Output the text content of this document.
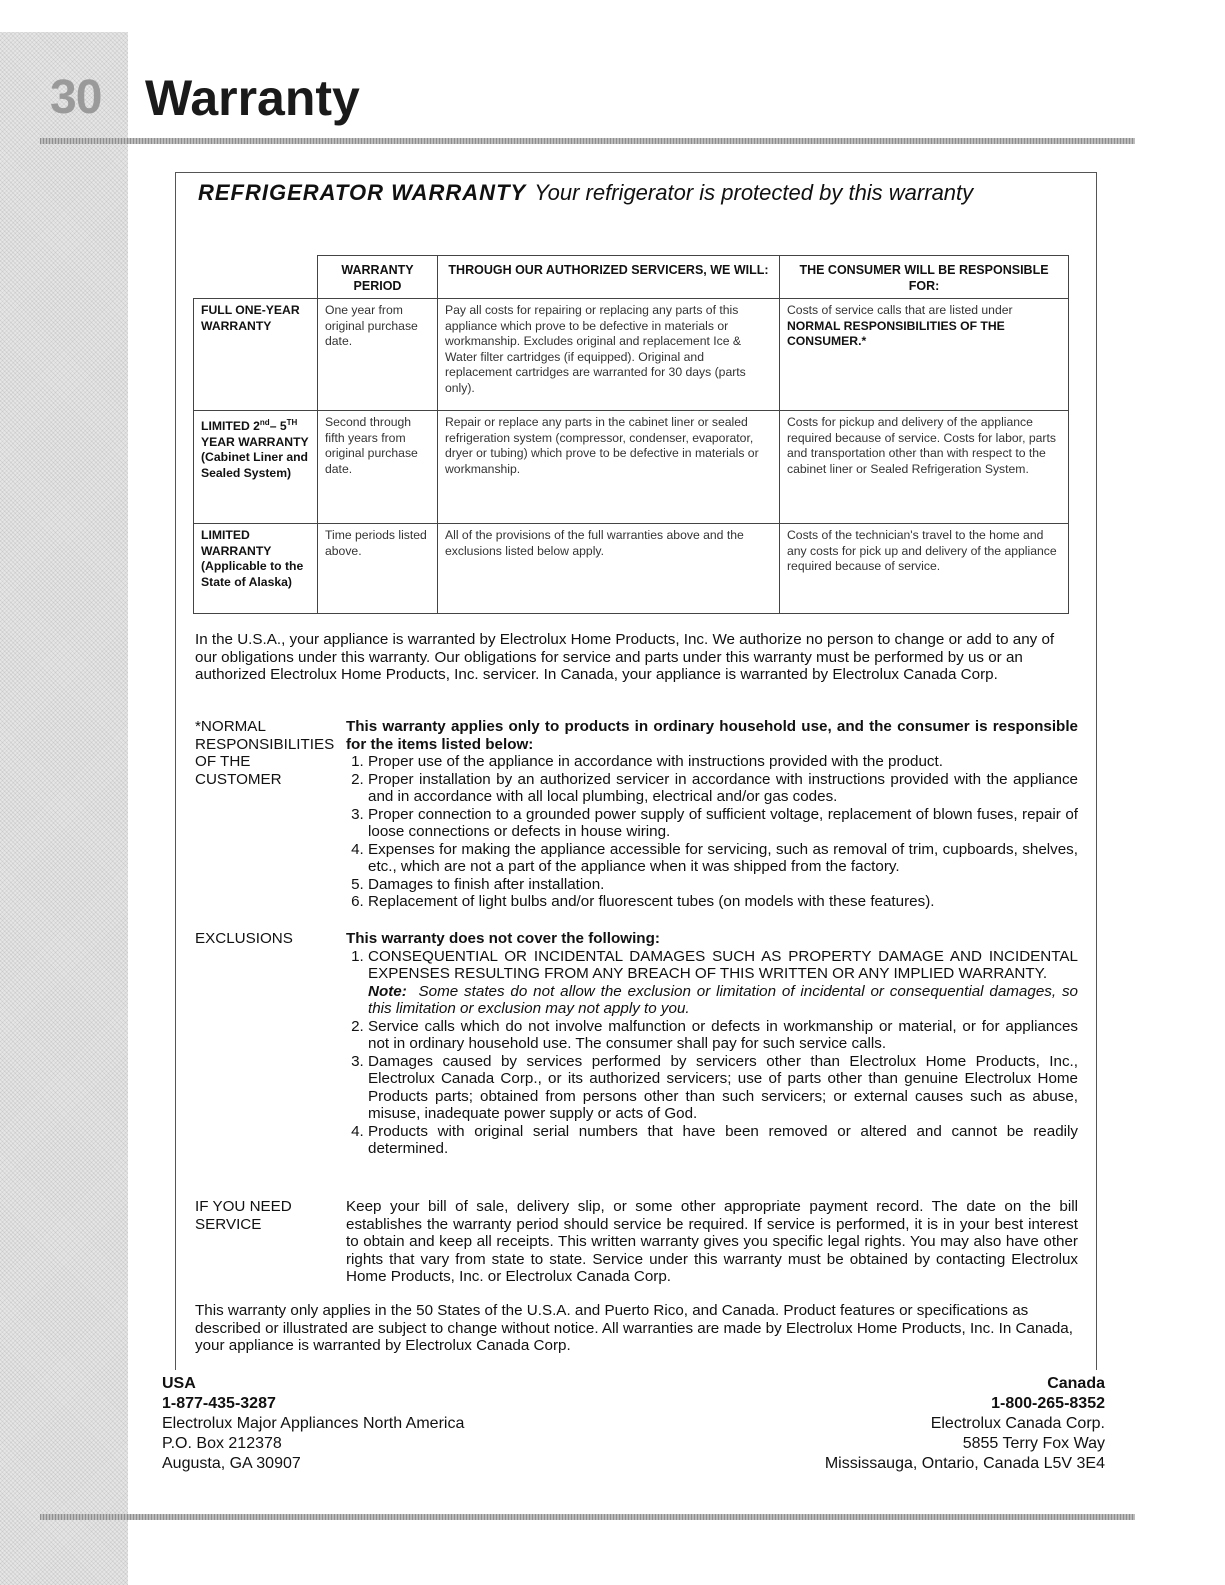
30 Warranty
REFRIGERATOR WARRANTY Your refrigerator is protected by this warranty
	WARRANTY PERIOD	THROUGH OUR AUTHORIZED SERVICERS, WE WILL:	THE CONSUMER WILL BE RESPONSIBLE FOR:
FULL ONE-YEAR WARRANTY	One year from original purchase date.	Pay all costs for repairing or replacing any parts of this appliance which prove to be defective in materials or workmanship. Excludes original and replacement Ice & Water filter cartridges (if equipped). Original and replacement cartridges are warranted for 30 days (parts only).	Costs of service calls that are listed under NORMAL RESPONSIBILITIES OF THE CONSUMER.*
LIMITED 2nd– 5TH YEAR WARRANTY (Cabinet Liner and Sealed System)	Second through fifth years from original purchase date.	Repair or replace any parts in the cabinet liner or sealed refrigeration system (compressor, condenser, evaporator, dryer or tubing) which prove to be defective in materials or workmanship.	Costs for pickup and delivery of the appliance required because of service. Costs for labor, parts and transportation other than with respect to the cabinet liner or Sealed Refrigeration System.
LIMITED WARRANTY (Applicable to the State of Alaska)	Time periods listed above.	All of the provisions of the full warranties above and the exclusions listed below apply.	Costs of the technician's travel to the home and any costs for pick up and delivery of the appliance required because of service.

In the U.S.A., your appliance is warranted by Electrolux Home Products, Inc. We authorize no person to change or add to any of our obligations under this warranty. Our obligations for service and parts under this warranty must be performed by us or an authorized Electrolux Home Products, Inc. servicer. In Canada, your appliance is warranted by Electrolux Canada Corp.

*NORMAL
RESPONSIBILITIES
OF THE
CUSTOMER

This warranty applies only to products in ordinary household use, and the consumer is responsible for the items listed below:

1. Proper use of the appliance in accordance with instructions provided with the product.
2. Proper installation by an authorized servicer in accordance with instructions provided with the appliance and in accordance with all local plumbing, electrical and/or gas codes.
3. Proper connection to a grounded power supply of sufficient voltage, replacement of blown fuses, repair of loose connections or defects in house wiring.
4. Expenses for making the appliance accessible for servicing, such as removal of trim, cupboards, shelves, etc., which are not a part of the appliance when it was shipped from the factory.
5. Damages to finish after installation.
6. Replacement of light bulbs and/or fluorescent tubes (on models with these features).
EXCLUSIONS	This warranty does not cover the following:

1. CONSEQUENTIAL OR INCIDENTAL DAMAGES SUCH AS PROPERTY DAMAGE AND INCIDENTAL EXPENSES RESULTING FROM ANY BREACH OF THIS WRITTEN OR ANY IMPLIED WARRANTY.
Note: Some states do not allow the exclusion or limitation of incidental or consequential damages, so this limitation or exclusion may not apply to you.
2. Service calls which do not involve malfunction or defects in workmanship or material, or for appliances not in ordinary household use. The consumer shall pay for such service calls.
3. Damages caused by services performed by servicers other than Electrolux Home Products, Inc., Electrolux Canada Corp., or its authorized servicers; use of parts other than genuine Electrolux Home Products parts; obtained from persons other than such servicers; or external causes such as abuse, misuse, inadequate power supply or acts of God.
4. Products with original serial numbers that have been removed or altered and cannot be readily determined.
IF YOU NEED
SERVICE

Keep your bill of sale, delivery slip, or some other appropriate payment record. The date on the bill establishes the warranty period should service be required. If service is performed, it is in your best interest to obtain and keep all receipts. This written warranty gives you specific legal rights. You may also have other rights that vary from state to state. Service under this warranty must be obtained by contacting Electrolux Home Products, Inc. or Electrolux Canada Corp.

This warranty only applies in the 50 States of the U.S.A. and Puerto Rico, and Canada. Product features or specifications as described or illustrated are subject to change without notice. All warranties are made by Electrolux Home Products, Inc. In Canada, your appliance is warranted by Electrolux Canada Corp.

USA
1-877-435-3287
Electrolux Major Appliances North America
P.O. Box 212378
Augusta, GA 30907
Canada
1-800-265-8352
Electrolux Canada Corp.
5855 Terry Fox Way
Mississauga, Ontario, Canada L5V 3E4
